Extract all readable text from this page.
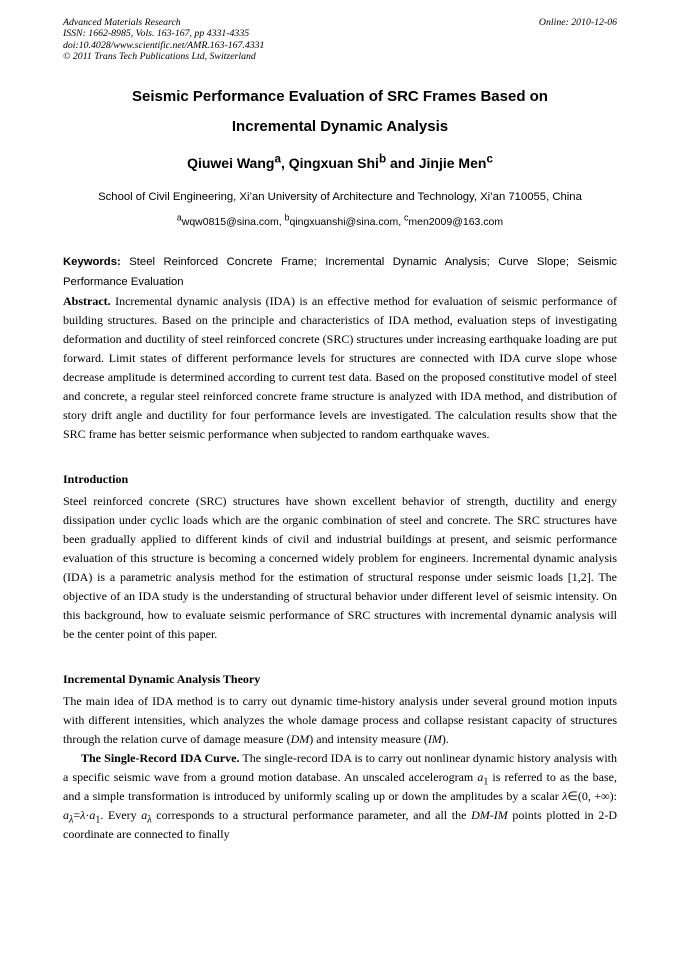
Advanced Materials Research
ISSN: 1662-8985, Vols. 163-167, pp 4331-4335
doi:10.4028/www.scientific.net/AMR.163-167.4331
© 2011 Trans Tech Publications Ltd, Switzerland
Online: 2010-12-06
Seismic Performance Evaluation of SRC Frames Based on
Incremental Dynamic Analysis
Qiuwei Wang$^a$, Qingxuan Shi$^b$ and Jinjie Men$^c$
School of Civil Engineering, Xi’an University of Architecture and Technology, Xi’an 710055, China
$^a$wqw0815@sina.com, $^b$qingxuanshi@sina.com, $^c$men2009@163.com

Keywords: Steel Reinforced Concrete Frame; Incremental Dynamic Analysis; Curve Slope; Seismic Performance Evaluation

Abstract. Incremental dynamic analysis (IDA) is an effective method for evaluation of seismic performance of building structures. Based on the principle and characteristics of IDA method, evaluation steps of investigating deformation and ductility of steel reinforced concrete (SRC) structures under increasing earthquake loading are put forward. Limit states of different performance levels for structures are connected with IDA curve slope whose decrease amplitude is determined according to current test data. Based on the proposed constitutive model of steel and concrete, a regular steel reinforced concrete frame structure is analyzed with IDA method, and distribution of story drift angle and ductility for four performance levels are investigated. The calculation results show that the SRC frame has better seismic performance when subjected to random earthquake waves.

Introduction

Steel reinforced concrete (SRC) structures have shown excellent behavior of strength, ductility and energy dissipation under cyclic loads which are the organic combination of steel and concrete. The SRC structures have been gradually applied to different kinds of civil and industrial buildings at present, and seismic performance evaluation of this structure is becoming a concerned widely problem for engineers. Incremental dynamic analysis (IDA) is a parametric analysis method for the estimation of structural response under seismic loads [1,2]. The objective of an IDA study is the understanding of structural behavior under different level of seismic intensity. On this background, how to evaluate seismic performance of SRC structures with incremental dynamic analysis will be the center point of this paper.

Incremental Dynamic Analysis Theory

The main idea of IDA method is to carry out dynamic time-history analysis under several ground motion inputs with different intensities, which analyzes the whole damage process and collapse resistant capacity of structures through the relation curve of damage measure (DM) and intensity measure (IM).

The Single-Record IDA Curve. The single-record IDA is to carry out nonlinear dynamic history analysis with a specific seismic wave from a ground motion database. An unscaled accelerogram $a_1$ is referred to as the base, and a simple transformation is introduced by uniformly scaling up or down the amplitudes by a scalar λ∈(0, +∞): $a_\lambda=\lambda\cdot a_1$. Every $a_\lambda$ corresponds to a structural performance parameter, and all the DM-IM points plotted in 2-D coordinate are connected to finally
